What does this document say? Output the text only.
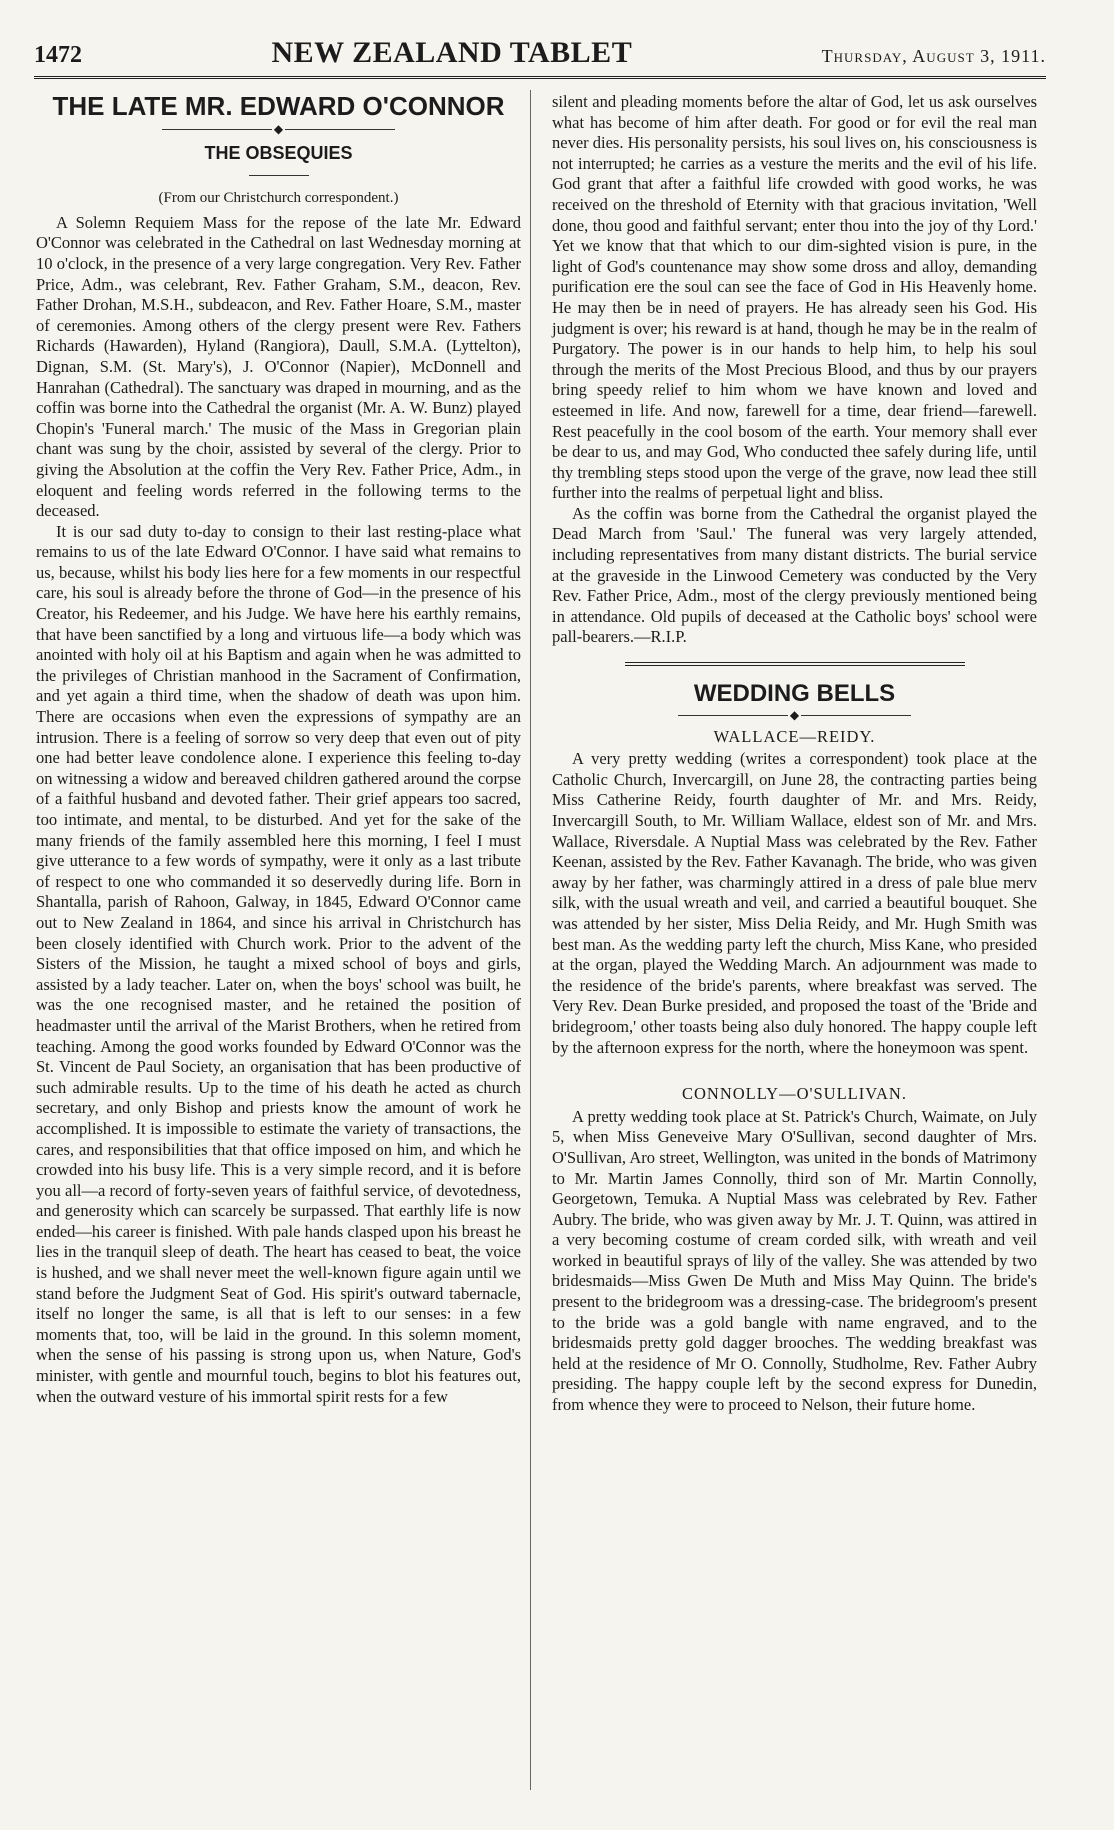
1472	NEW ZEALAND TABLET	Thursday, August 3, 1911.
THE LATE MR. EDWARD O'CONNOR
◆
THE OBSEQUIES
(From our Christchurch correspondent.)

A Solemn Requiem Mass for the repose of the late Mr. Edward O'Connor was celebrated in the Cathedral on last Wednesday morning at 10 o'clock, in the presence of a very large congregation. Very Rev. Father Price, Adm., was celebrant, Rev. Father Graham, S.M., deacon, Rev. Father Drohan, M.S.H., subdeacon, and Rev. Father Hoare, S.M., master of ceremonies. Among others of the clergy present were Rev. Fathers Richards (Hawarden), Hyland (Rangiora), Daull, S.M.A. (Lyttelton), Dignan, S.M. (St. Mary's), J. O'Connor (Napier), McDonnell and Hanrahan (Cathedral). The sanctuary was draped in mourning, and as the coffin was borne into the Cathedral the organist (Mr. A. W. Bunz) played Chopin's 'Funeral march.' The music of the Mass in Gregorian plain chant was sung by the choir, assisted by several of the clergy. Prior to giving the Absolution at the coffin the Very Rev. Father Price, Adm., in eloquent and feeling words referred in the following terms to the deceased.

It is our sad duty to-day to consign to their last resting-place what remains to us of the late Edward O'Connor. I have said what remains to us, because, whilst his body lies here for a few moments in our respectful care, his soul is already before the throne of God—in the presence of his Creator, his Redeemer, and his Judge. We have here his earthly remains, that have been sanctified by a long and virtuous life—a body which was anointed with holy oil at his Baptism and again when he was admitted to the privileges of Christian manhood in the Sacrament of Confirmation, and yet again a third time, when the shadow of death was upon him. There are occasions when even the expressions of sympathy are an intrusion. There is a feeling of sorrow so very deep that even out of pity one had better leave condolence alone. I experience this feeling to-day on witnessing a widow and bereaved children gathered around the corpse of a faithful husband and devoted father. Their grief appears too sacred, too intimate, and mental, to be disturbed. And yet for the sake of the many friends of the family assembled here this morning, I feel I must give utterance to a few words of sympathy, were it only as a last tribute of respect to one who commanded it so deservedly during life. Born in Shantalla, parish of Rahoon, Galway, in 1845, Edward O'Connor came out to New Zealand in 1864, and since his arrival in Christchurch has been closely identified with Church work. Prior to the advent of the Sisters of the Mission, he taught a mixed school of boys and girls, assisted by a lady teacher. Later on, when the boys' school was built, he was the one recognised master, and he retained the position of headmaster until the arrival of the Marist Brothers, when he retired from teaching. Among the good works founded by Edward O'Connor was the St. Vincent de Paul Society, an organisation that has been productive of such admirable results. Up to the time of his death he acted as church secretary, and only Bishop and priests know the amount of work he accomplished. It is impossible to estimate the variety of transactions, the cares, and responsibilities that that office imposed on him, and which he crowded into his busy life. This is a very simple record, and it is before you all—a record of forty-seven years of faithful service, of devotedness, and generosity which can scarcely be surpassed. That earthly life is now ended—his career is finished. With pale hands clasped upon his breast he lies in the tranquil sleep of death. The heart has ceased to beat, the voice is hushed, and we shall never meet the well-known figure again until we stand before the Judgment Seat of God. His spirit's outward tabernacle, itself no longer the same, is all that is left to our senses: in a few moments that, too, will be laid in the ground. In this solemn moment, when the sense of his passing is strong upon us, when Nature, God's minister, with gentle and mournful touch, begins to blot his features out, when the outward vesture of his immortal spirit rests for a few

silent and pleading moments before the altar of God, let us ask ourselves what has become of him after death. For good or for evil the real man never dies. His personality persists, his soul lives on, his consciousness is not interrupted; he carries as a vesture the merits and the evil of his life. God grant that after a faithful life crowded with good works, he was received on the threshold of Eternity with that gracious invitation, 'Well done, thou good and faithful servant; enter thou into the joy of thy Lord.' Yet we know that that which to our dim-sighted vision is pure, in the light of God's countenance may show some dross and alloy, demanding purification ere the soul can see the face of God in His Heavenly home. He may then be in need of prayers. He has already seen his God. His judgment is over; his reward is at hand, though he may be in the realm of Purgatory. The power is in our hands to help him, to help his soul through the merits of the Most Precious Blood, and thus by our prayers bring speedy relief to him whom we have known and loved and esteemed in life. And now, farewell for a time, dear friend—farewell. Rest peacefully in the cool bosom of the earth. Your memory shall ever be dear to us, and may God, Who conducted thee safely during life, until thy trembling steps stood upon the verge of the grave, now lead thee still further into the realms of perpetual light and bliss.

As the coffin was borne from the Cathedral the organist played the Dead March from 'Saul.' The funeral was very largely attended, including representatives from many distant districts. The burial service at the graveside in the Linwood Cemetery was conducted by the Very Rev. Father Price, Adm., most of the clergy previously mentioned being in attendance. Old pupils of deceased at the Catholic boys' school were pall-bearers.—R.I.P.

WEDDING BELLS
◆
WALLACE—REIDY.

A very pretty wedding (writes a correspondent) took place at the Catholic Church, Invercargill, on June 28, the contracting parties being Miss Catherine Reidy, fourth daughter of Mr. and Mrs. Reidy, Invercargill South, to Mr. William Wallace, eldest son of Mr. and Mrs. Wallace, Riversdale. A Nuptial Mass was celebrated by the Rev. Father Keenan, assisted by the Rev. Father Kavanagh. The bride, who was given away by her father, was charmingly attired in a dress of pale blue merv silk, with the usual wreath and veil, and carried a beautiful bouquet. She was attended by her sister, Miss Delia Reidy, and Mr. Hugh Smith was best man. As the wedding party left the church, Miss Kane, who presided at the organ, played the Wedding March. An adjournment was made to the residence of the bride's parents, where breakfast was served. The Very Rev. Dean Burke presided, and proposed the toast of the 'Bride and bridegroom,' other toasts being also duly honored. The happy couple left by the afternoon express for the north, where the honeymoon was spent.

CONNOLLY—O'SULLIVAN.

A pretty wedding took place at St. Patrick's Church, Waimate, on July 5, when Miss Geneveive Mary O'Sullivan, second daughter of Mrs. O'Sullivan, Aro street, Wellington, was united in the bonds of Matrimony to Mr. Martin James Connolly, third son of Mr. Martin Connolly, Georgetown, Temuka. A Nuptial Mass was celebrated by Rev. Father Aubry. The bride, who was given away by Mr. J. T. Quinn, was attired in a very becoming costume of cream corded silk, with wreath and veil worked in beautiful sprays of lily of the valley. She was attended by two bridesmaids—Miss Gwen De Muth and Miss May Quinn. The bride's present to the bridegroom was a dressing-case. The bridegroom's present to the bride was a gold bangle with name engraved, and to the bridesmaids pretty gold dagger brooches. The wedding breakfast was held at the residence of Mr O. Connolly, Studholme, Rev. Father Aubry presiding. The happy couple left by the second express for Dunedin, from whence they were to proceed to Nelson, their future home.
